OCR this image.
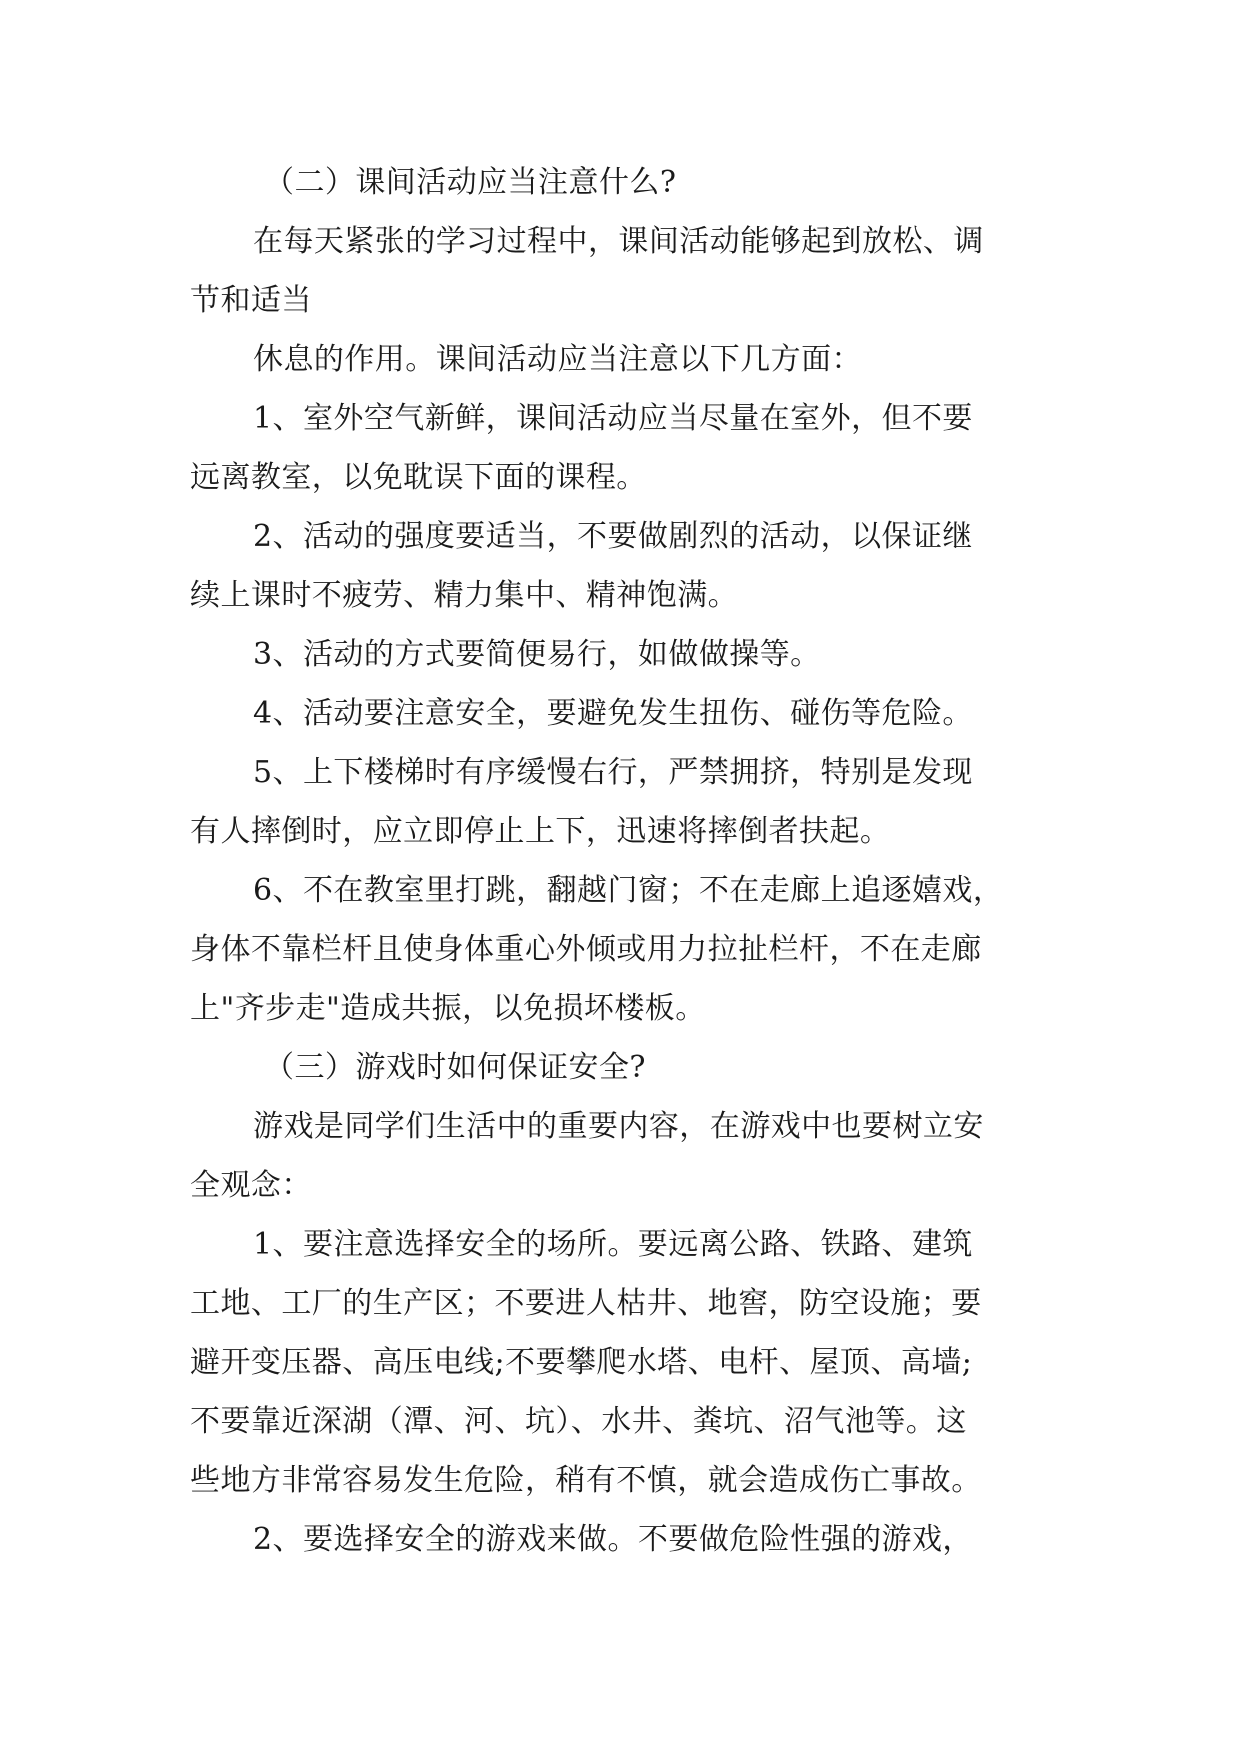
（二）课间活动应当注意什么?
在每天紧张的学习过程中，课间活动能够起到放松、调
节和适当
休息的作用。课间活动应当注意以下几方面：
1、室外空气新鲜，课间活动应当尽量在室外，但不要
远离教室，以免耽误下面的课程。
2、活动的强度要适当，不要做剧烈的活动，以保证继
续上课时不疲劳、精力集中、精神饱满。
3、活动的方式要简便易行，如做做操等。
4、活动要注意安全，要避免发生扭伤、碰伤等危险。
5、上下楼梯时有序缓慢右行，严禁拥挤，特别是发现
有人摔倒时，应立即停止上下，迅速将摔倒者扶起。
6、不在教室里打跳，翻越门窗；不在走廊上追逐嬉戏，
身体不靠栏杆且使身体重心外倾或用力拉扯栏杆，不在走廊
上"齐步走"造成共振，以免损坏楼板。
（三）游戏时如何保证安全?
游戏是同学们生活中的重要内容，在游戏中也要树立安
全观念：
1、要注意选择安全的场所。要远离公路、铁路、建筑
工地、工厂的生产区；不要进人枯井、地窖，防空设施；要
避开变压器、高压电线;不要攀爬水塔、电杆、屋顶、高墙;
不要靠近深湖（潭、河、坑）、水井、粪坑、沼气池等。这
些地方非常容易发生危险，稍有不慎，就会造成伤亡事故。
2、要选择安全的游戏来做。不要做危险性强的游戏，
